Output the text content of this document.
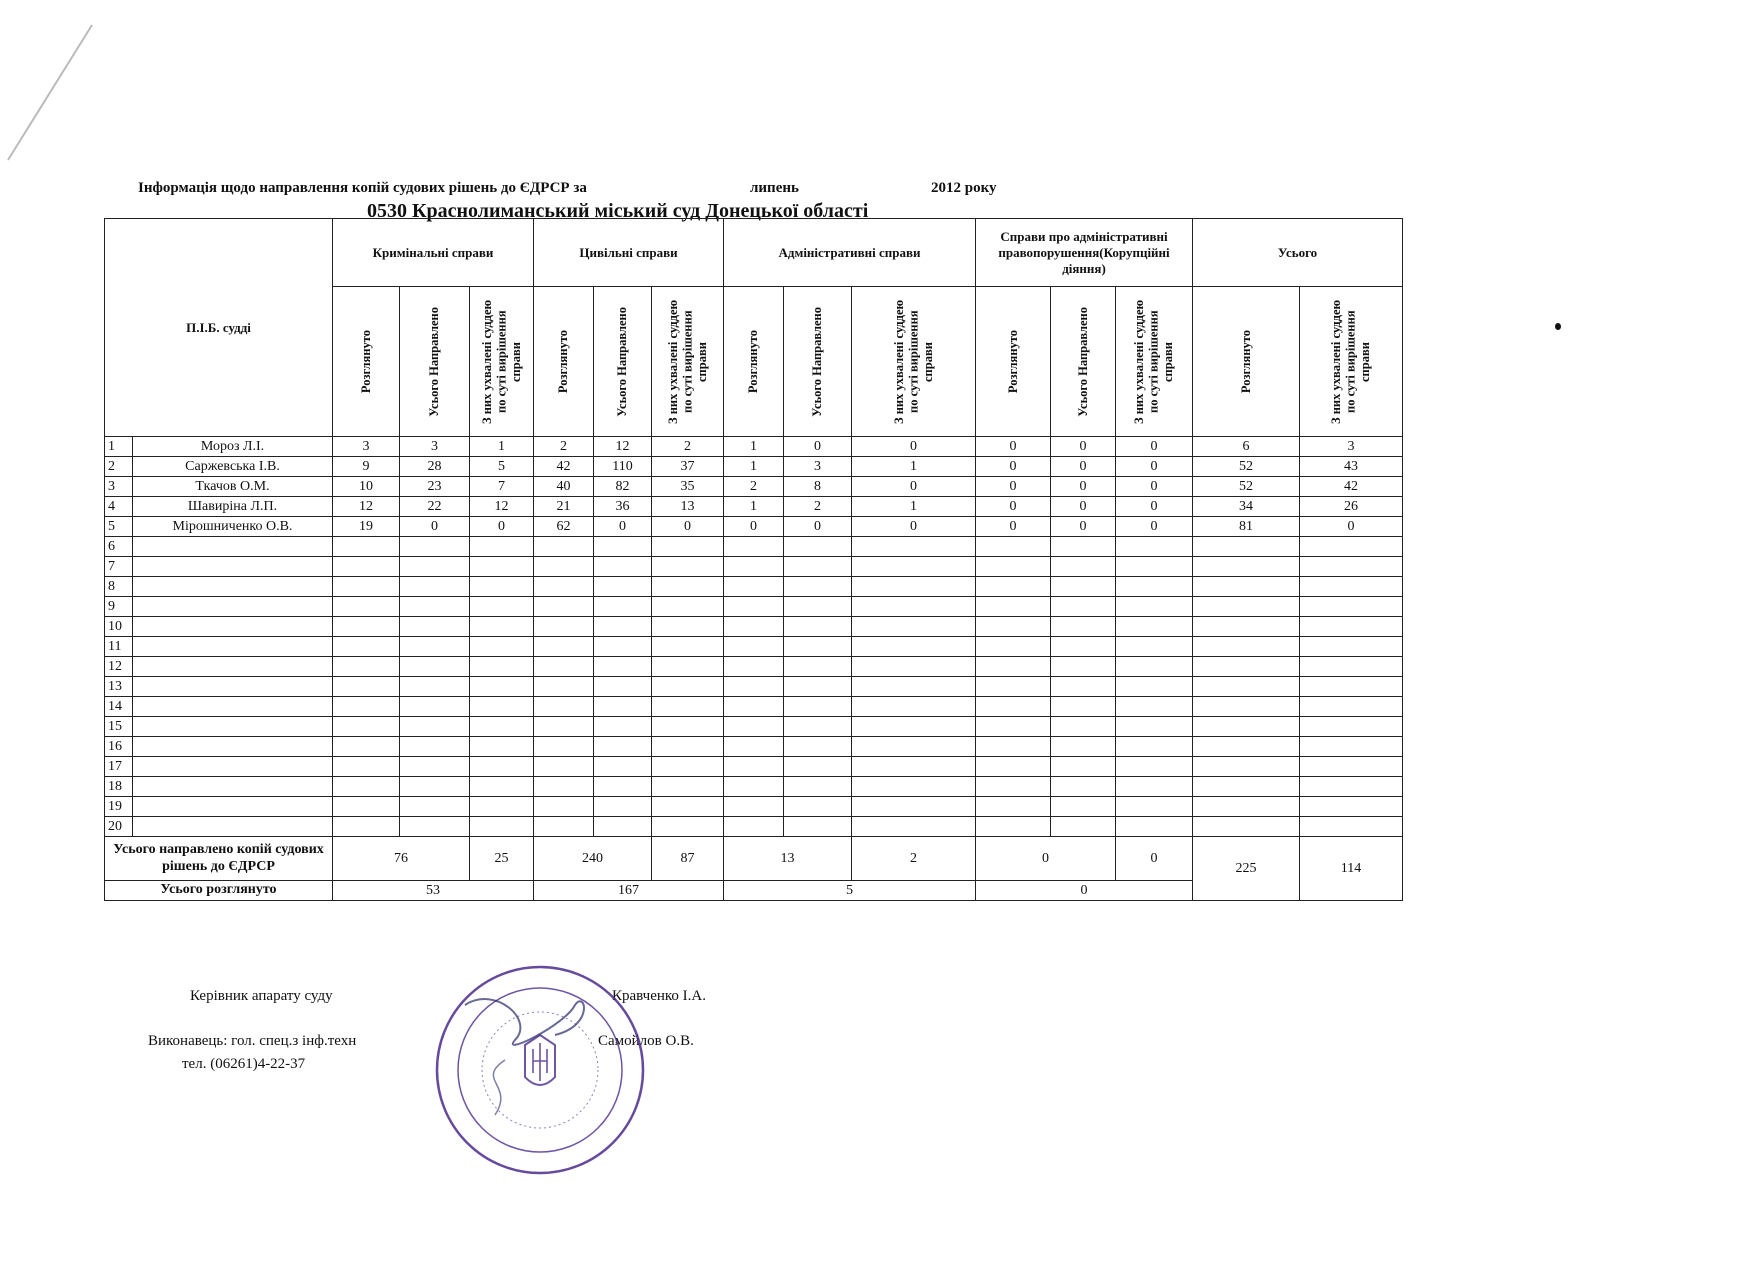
Інформація щодо направлення копій судових рішень до ЄДРСР за	липень	2012 року
0530 Краснолиманський міський суд Донецької області
П.І.Б. судді		Кримінальні справи			Цивільні справи			Адміністративні справи			Справи про адміністративні правопорушення(Корупційні діяння)			Усього	

		Розглянуто	Усього Направлено	З них ухвалені суддею по суті вирішення справи	Розглянуто	Усього Направлено	З них ухвалені суддею по суті вирішення справи	Розглянуто	Усього Направлено	З них ухвалені суддею по суті вирішення справи	Розглянуто	Усього Направлено	З них ухвалені суддею по суті вирішення справи	Розглянуто	З них ухвалені суддею по суті вирішення справи

1	Мороз Л.І.	3	3	1	2	12	2	1	0	0	0	0	0	6	3
2	Саржевська І.В.	9	28	5	42	110	37	1	3	1	0	0	0	52	43
3	Ткачов О.М.	10	23	7	40	82	35	2	8	0	0	0	0	52	42
4	Шавиріна Л.П.	12	22	12	21	36	13	1	2	1	0	0	0	34	26
5	Мірошниченко О.В.	19	0	0	62	0	0	0	0	0	0	0	0	81	0
6															
7															
8															
9															
10															
11															
12															
13															
14															
15															
16															
17															
18															
19															
20															
Усього направлено копій судових рішень до ЄДРСР		76		25	240		87	13		2	0		0	225	114
Усього розглянуто		53			167			5			0				
Керівник апарату суду	Кравченко І.А.
Виконавець: гол. спец.з інф.техн	Самойлов О.В.
тел. (06261)4-22-37
